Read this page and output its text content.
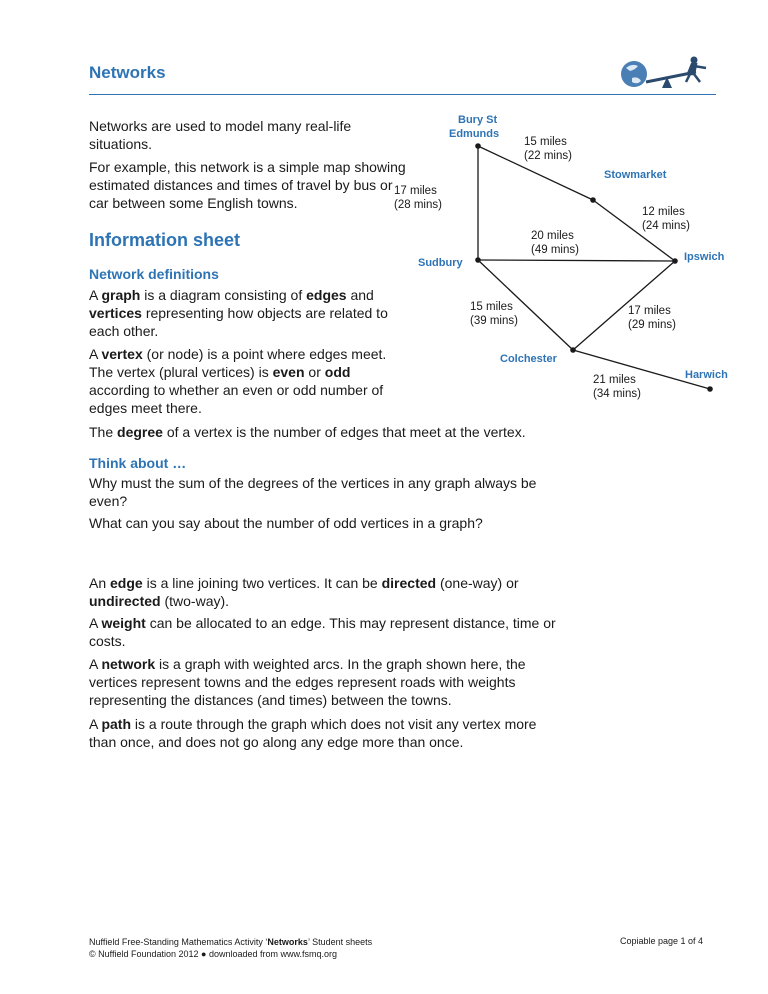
Networks
Networks are used to model many real-life situations.
For example, this network is a simple map showing estimated distances and times of travel by bus or car between some English towns.
Information sheet
Network definitions
A graph is a diagram consisting of edges and vertices representing how objects are related to each other.
A vertex (or node) is a point where edges meet. The vertex (plural vertices) is even or odd according to whether an even or odd number of edges meet there.
The degree of a vertex is the number of edges that meet at the vertex.
Think about …
Why must the sum of the degrees of the vertices in any graph always be even?
What can you say about the number of odd vertices in a graph?
An edge is a line joining two vertices. It can be directed (one-way) or undirected (two-way).
A weight can be allocated to an edge. This may represent distance, time or costs.
A network is a graph with weighted arcs. In the graph shown here, the vertices represent towns and the edges represent roads with weights representing the distances (and times) between the towns.
A path is a route through the graph which does not visit any vertex more than once, and does not go along any edge more than once.
Bury St
Edmunds
Stowmarket
Sudbury	Ipswich
Colchester
Harwich
15 miles
(22 mins)
17 miles
(28 mins)
12 miles
(24 mins)
20 miles
(49 mins)
15 miles
(39 mins)
17 miles
(29 mins)
21 miles
(34 mins)
Nuffield Free-Standing Mathematics Activity ‘Networks’ Student sheets
© Nuffield Foundation 2012 ● downloaded from www.fsmq.org
Copiable page 1 of 4
